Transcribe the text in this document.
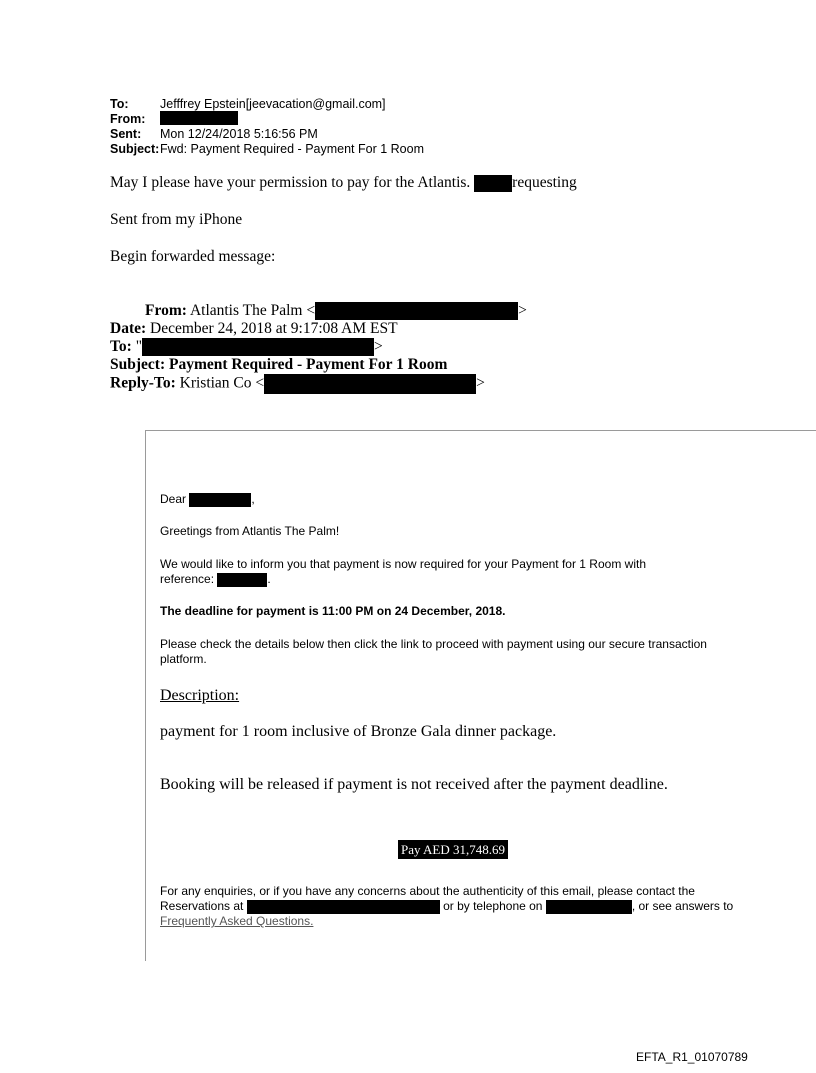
To:	Jefffrey Epstein[jeevacation@gmail.com]
From:
Sent: Mon 12/24/2018 5:16:56 PM
Subject: Fwd: Payment Required - Payment For 1 Room
May I please have your permission to pay for the Atlantis.	requesting
Sent from my iPhone
Begin forwarded message:
From: Atlantis The Palm <	>
Date: December 24, 2018 at 9:17:08 AM EST
To: "	>
Subject: Payment Required - Payment For 1 Room
Reply-To: Kristian Co <	>
Dear	,
Greetings from Atlantis The Palm!
We would like to inform you that payment is now required for your Payment for 1 Room with
reference:	.
The deadline for payment is 11:00 PM on 24 December, 2018.
Please check the details below then click the link to proceed with payment using our secure transaction
platform.
Description:
payment for 1 room inclusive of Bronze Gala dinner package.
Booking will be released if payment is not received after the payment deadline.
Pay AED 31,748.69
For any enquiries, or if you have any concerns about the authenticity of this email, please contact the
Reservations at	or by telephone on	, or see answers to
Frequently Asked Questions.
EFTA_R1_01070789
